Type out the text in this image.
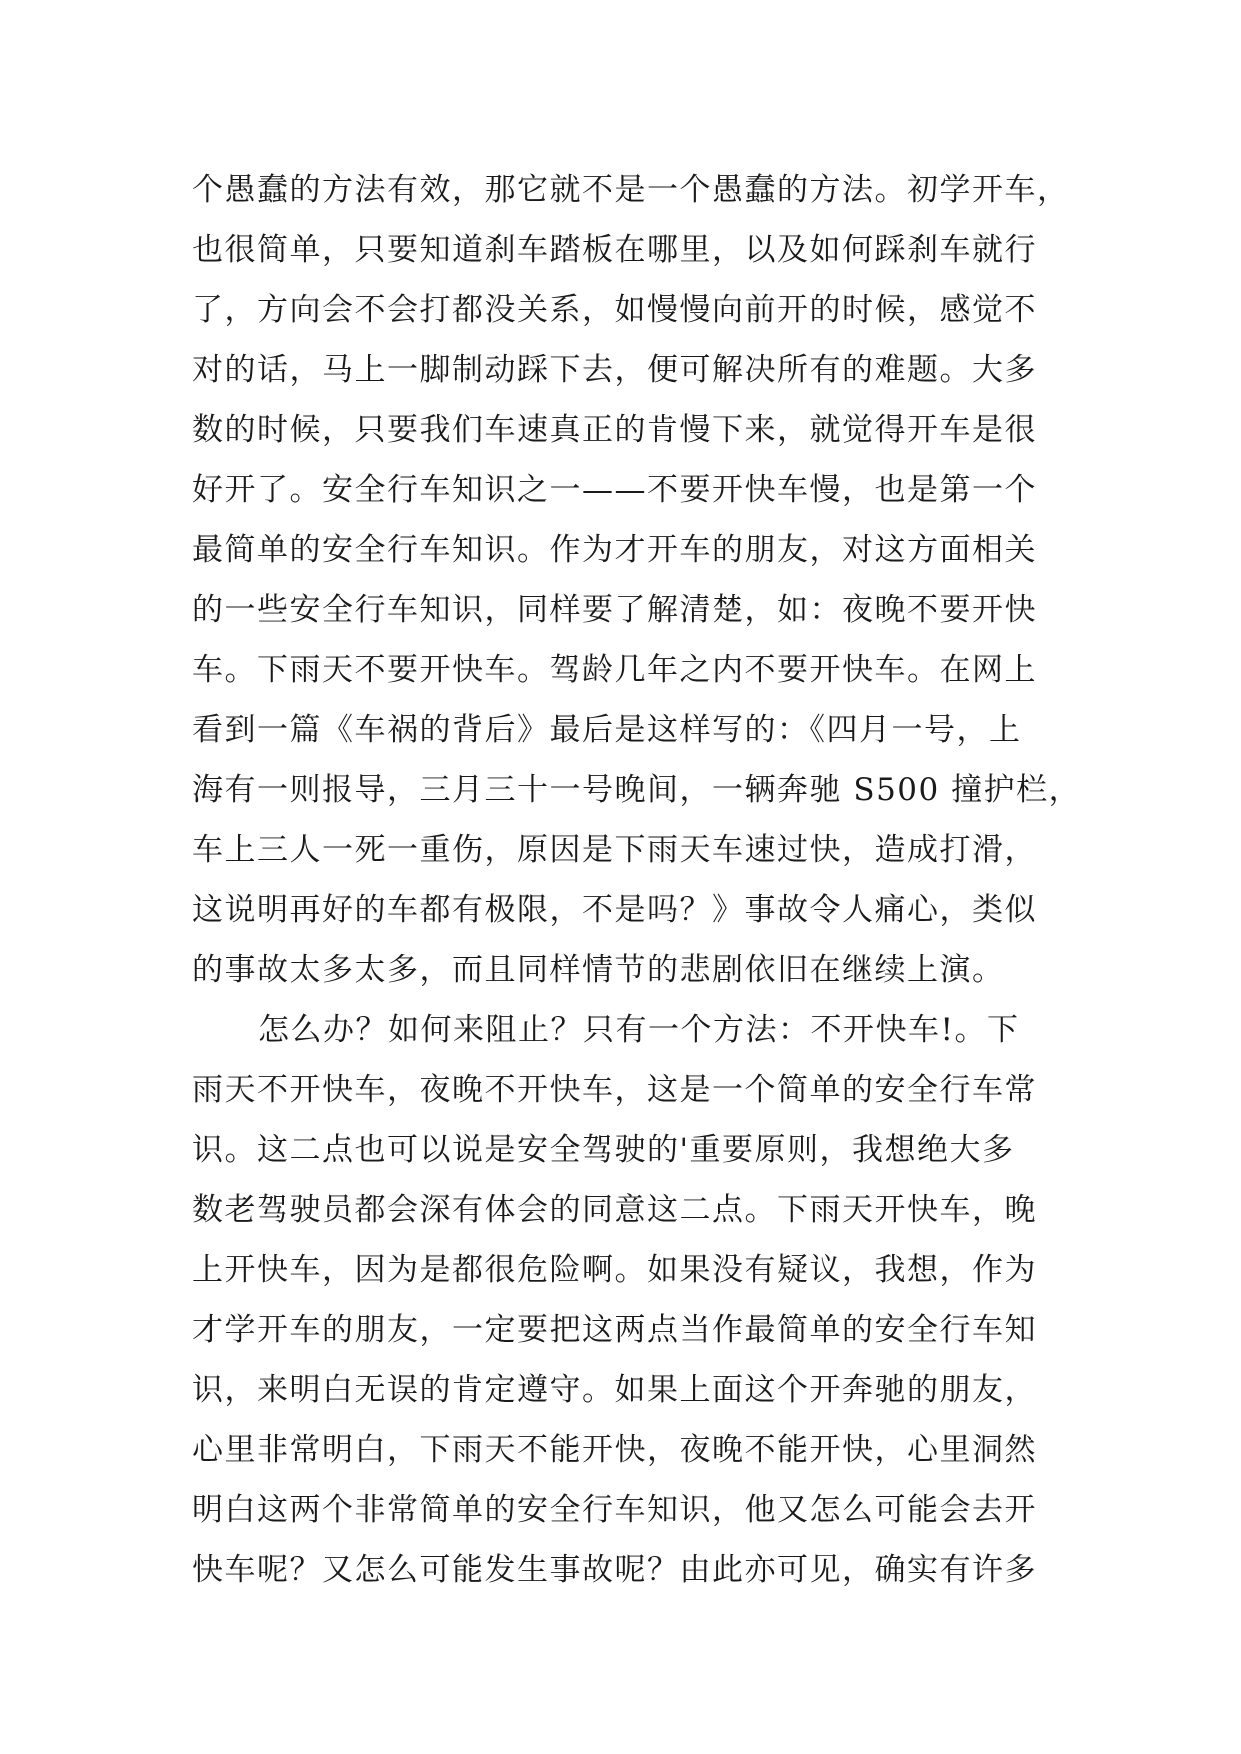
个愚蠢的方法有效，那它就不是一个愚蠢的方法。初学开车，
也很简单，只要知道刹车踏板在哪里，以及如何踩刹车就行
了，方向会不会打都没关系，如慢慢向前开的时候，感觉不
对的话，马上一脚制动踩下去，便可解决所有的难题。大多
数的时候，只要我们车速真正的肯慢下来，就觉得开车是很
好开了。安全行车知识之一——不要开快车慢，也是第一个
最简单的安全行车知识。作为才开车的朋友，对这方面相关
的一些安全行车知识，同样要了解清楚，如：夜晚不要开快
车。下雨天不要开快车。驾龄几年之内不要开快车。在网上
看到一篇《车祸的背后》最后是这样写的：《四月一号，上
海有一则报导，三月三十一号晚间，一辆奔驰 S500 撞护栏，
车上三人一死一重伤，原因是下雨天车速过快，造成打滑，
这说明再好的车都有极限，不是吗？》事故令人痛心，类似
的事故太多太多，而且同样情节的悲剧依旧在继续上演。
怎么办？如何来阻止？只有一个方法：不开快车!。下
雨天不开快车，夜晚不开快车，这是一个简单的安全行车常
识。这二点也可以说是安全驾驶的'重要原则，我想绝大多
数老驾驶员都会深有体会的同意这二点。下雨天开快车，晚
上开快车，因为是都很危险啊。如果没有疑议，我想，作为
才学开车的朋友，一定要把这两点当作最简单的安全行车知
识，来明白无误的肯定遵守。如果上面这个开奔驰的朋友，
心里非常明白，下雨天不能开快，夜晚不能开快，心里洞然
明白这两个非常简单的安全行车知识，他又怎么可能会去开
快车呢？又怎么可能发生事故呢？由此亦可见，确实有许多
